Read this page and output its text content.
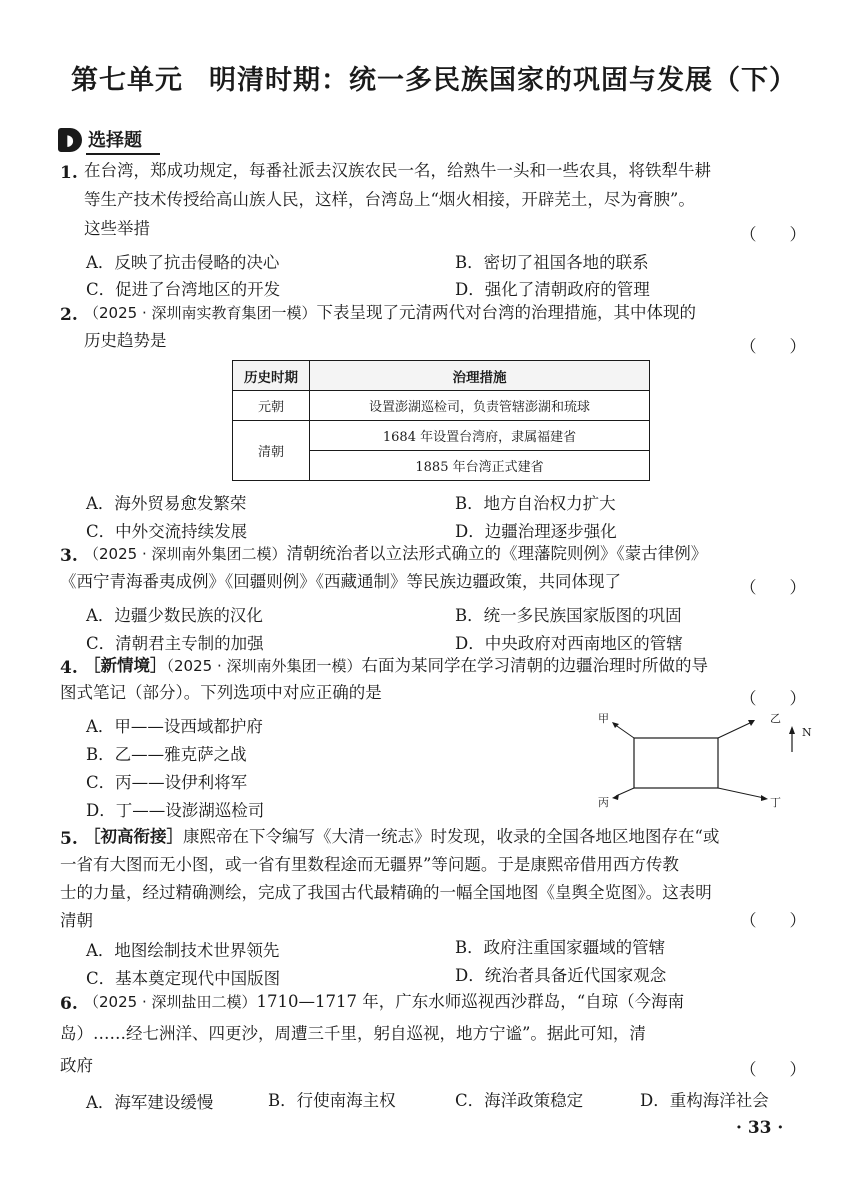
第七单元 明清时期：统一多民族国家的巩固与发展（下）
◗ 选择题
1. 在台湾，郑成功规定，每番社派去汉族农民一名，给熟牛一头和一些农具，将铁犁牛耕
等生产技术传授给高山族人民，这样，台湾岛上“烟火相接，开辟芜土，尽为膏腴”。
这些举措	（　　）
A．反映了抗击侵略的决心	B．密切了祖国各地的联系
C．促进了台湾地区的开发	D．强化了清朝政府的管理
2. （2025 · 深圳南实教育集团一模）下表呈现了元清两代对台湾的治理措施，其中体现的
历史趋势是	（　　）
历史时期	治理措施
元朝	设置澎湖巡检司，负责管辖澎湖和琉球
清朝	1684 年设置台湾府，隶属福建省
	1885 年台湾正式建省
A．海外贸易愈发繁荣	B．地方自治权力扩大
C．中外交流持续发展	D．边疆治理逐步强化
3. （2025 · 深圳南外集团二模）清朝统治者以立法形式确立的《理藩院则例》《蒙古律例》
《西宁青海番夷成例》《回疆则例》《西藏通制》等民族边疆政策，共同体现了	（　　）
A．边疆少数民族的汉化	B．统一多民族国家版图的巩固
C．清朝君主专制的加强	D．中央政府对西南地区的管辖
4. ［新情境］（2025 · 深圳南外集团一模）右面为某同学在学习清朝的边疆治理时所做的导
图式笔记（部分）。下列选项中对应正确的是	（　　）
A．甲——设西域都护府
B．乙——雅克萨之战
C．丙——设伊利将军
D．丁——设澎湖巡检司
甲	乙
丙	丁
N
5. ［初高衔接］康熙帝在下令编写《大清一统志》时发现，收录的全国各地区地图存在“或
一省有大图而无小图，或一省有里数程途而无疆界”等问题。于是康熙帝借用西方传教
士的力量，经过精确测绘，完成了我国古代最精确的一幅全国地图《皇舆全览图》。这表明
清朝	（　　）
A．地图绘制技术世界领先	B．政府注重国家疆域的管辖
C．基本奠定现代中国版图	D．统治者具备近代国家观念
6. （2025 · 深圳盐田二模）1710—1717 年，广东水师巡视西沙群岛，“自琼（今海南
岛）……经七洲洋、四更沙，周遭三千里，躬自巡视，地方宁谧”。据此可知，清
政府	（　　）
A．海军建设缓慢	B．行使南海主权	C．海洋政策稳定	D．重构海洋社会
· 33 ·
